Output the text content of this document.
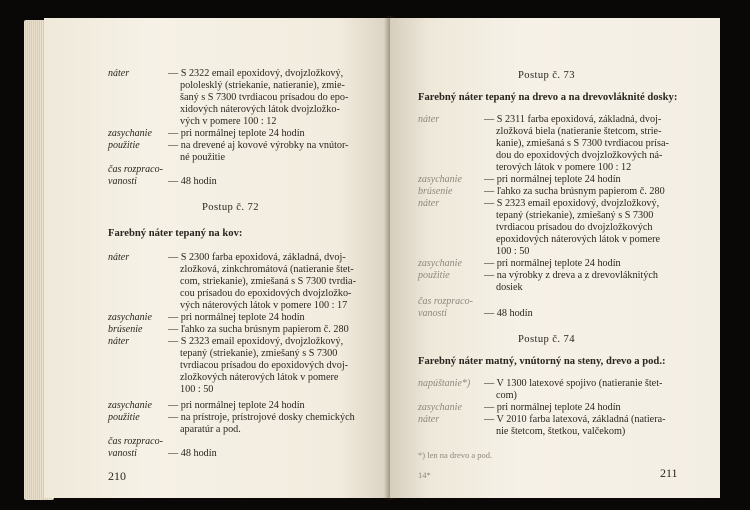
náter	— S 2322 email epoxidový, dvojzložkový,
pololesklý (striekanie, natieranie), zmie-
šaný s S 7300 tvrdiacou prísadou do epo-
xidových náterových látok dvojzložko-
vých v pomere 100 : 12
zasychanie — pri normálnej teplote 24 hodín
použitie	— na drevené aj kovové výrobky na vnútor-
né použitie
čas rozpraco-
vanosti	— 48 hodín
Postup č. 72
Farebný náter tepaný na kov:
náter	— S 2300 farba epoxidová, základná, dvoj-
zložková, zinkchromátová (natieranie štet-
com, striekanie), zmiešaná s S 7300 tvrdia-
cou prísadou do epoxidových dvojzložko-
vých náterových látok v pomere 100 : 17
zasychanie — pri normálnej teplote 24 hodín
brúsenie	— ľahko za sucha brúsnym papierom č. 280
náter	— S 2323 email epoxidový, dvojzložkový,
tepaný (striekanie), zmiešaný s S 7300
tvrdiacou prísadou do epoxidových dvoj-
zložkových náterových látok v pomere
100 : 50
zasychanie — pri normálnej teplote 24 hodín
použitie	— na prístroje, prístrojové dosky chemických
aparatúr a pod.
čas rozpraco-
vanosti	— 48 hodín
210
Postup č. 73
Farebný náter tepaný na drevo a na drevovláknité dosky:
náter	— S 2311 farba epoxidová, základná, dvoj-
zložková biela (natieranie štetcom, strie-
kanie), zmiešaná s S 7300 tvrdiacou prísa-
dou do epoxidových dvojzložkových ná-
terových látok v pomere 100 : 12
zasychanie — pri normálnej teplote 24 hodín
brúsenie	— ľahko za sucha brúsnym papierom č. 280
náter	— S 2323 email epoxidový, dvojzložkový,
tepaný (striekanie), zmiešaný s S 7300
tvrdiacou prísadou do dvojzložkových
epoxidových náterových látok v pomere
100 : 50
zasychanie — pri normálnej teplote 24 hodín
použitie	— na výrobky z dreva a z drevovláknitých
dosiek
čas rozpraco-
vanosti	— 48 hodín
Postup č. 74
Farebný náter matný, vnútorný na steny, drevo a pod.:
napúštanie*) — V 1300 latexové spojivo (natieranie štet-
com)
zasychanie — pri normálnej teplote 24 hodín
náter	— V 2010 farba latexová, základná (natiera-
nie štetcom, štetkou, valčekom)
*) len na drevo a pod.
14*	211
